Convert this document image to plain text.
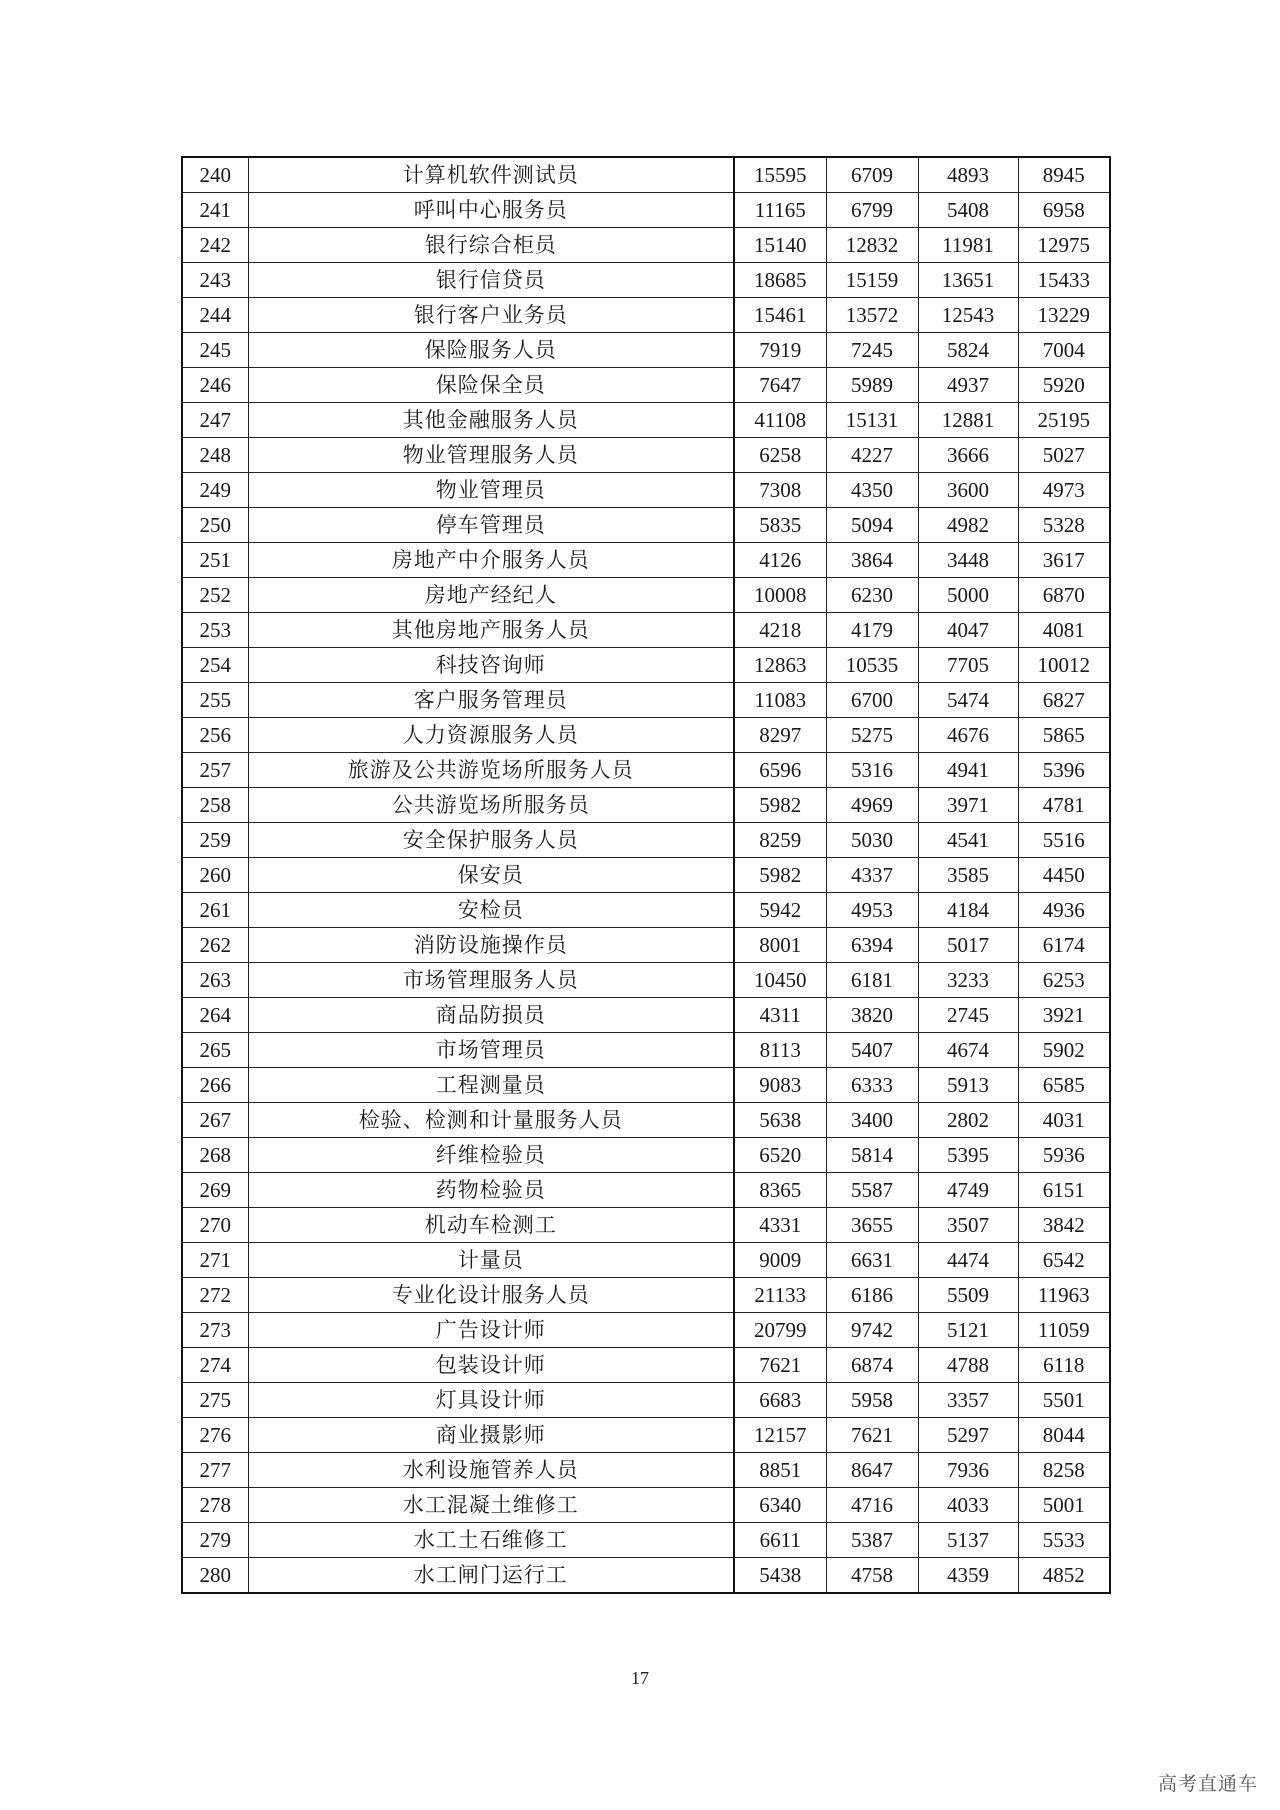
240	计算机软件测试员	15595	6709	4893	8945
241	呼叫中心服务员	11165	6799	5408	6958
242	银行综合柜员	15140	12832	11981	12975
243	银行信贷员	18685	15159	13651	15433
244	银行客户业务员	15461	13572	12543	13229
245	保险服务人员	7919	7245	5824	7004
246	保险保全员	7647	5989	4937	5920
247	其他金融服务人员	41108	15131	12881	25195
248	物业管理服务人员	6258	4227	3666	5027
249	物业管理员	7308	4350	3600	4973
250	停车管理员	5835	5094	4982	5328
251	房地产中介服务人员	4126	3864	3448	3617
252	房地产经纪人	10008	6230	5000	6870
253	其他房地产服务人员	4218	4179	4047	4081
254	科技咨询师	12863	10535	7705	10012
255	客户服务管理员	11083	6700	5474	6827
256	人力资源服务人员	8297	5275	4676	5865
257	旅游及公共游览场所服务人员	6596	5316	4941	5396
258	公共游览场所服务员	5982	4969	3971	4781
259	安全保护服务人员	8259	5030	4541	5516
260	保安员	5982	4337	3585	4450
261	安检员	5942	4953	4184	4936
262	消防设施操作员	8001	6394	5017	6174
263	市场管理服务人员	10450	6181	3233	6253
264	商品防损员	4311	3820	2745	3921
265	市场管理员	8113	5407	4674	5902
266	工程测量员	9083	6333	5913	6585
267	检验、检测和计量服务人员	5638	3400	2802	4031
268	纤维检验员	6520	5814	5395	5936
269	药物检验员	8365	5587	4749	6151
270	机动车检测工	4331	3655	3507	3842
271	计量员	9009	6631	4474	6542
272	专业化设计服务人员	21133	6186	5509	11963
273	广告设计师	20799	9742	5121	11059
274	包装设计师	7621	6874	4788	6118
275	灯具设计师	6683	5958	3357	5501
276	商业摄影师	12157	7621	5297	8044
277	水利设施管养人员	8851	8647	7936	8258
278	水工混凝土维修工	6340	4716	4033	5001
279	水工土石维修工	6611	5387	5137	5533
280	水工闸门运行工	5438	4758	4359	4852
17
高考直通车
